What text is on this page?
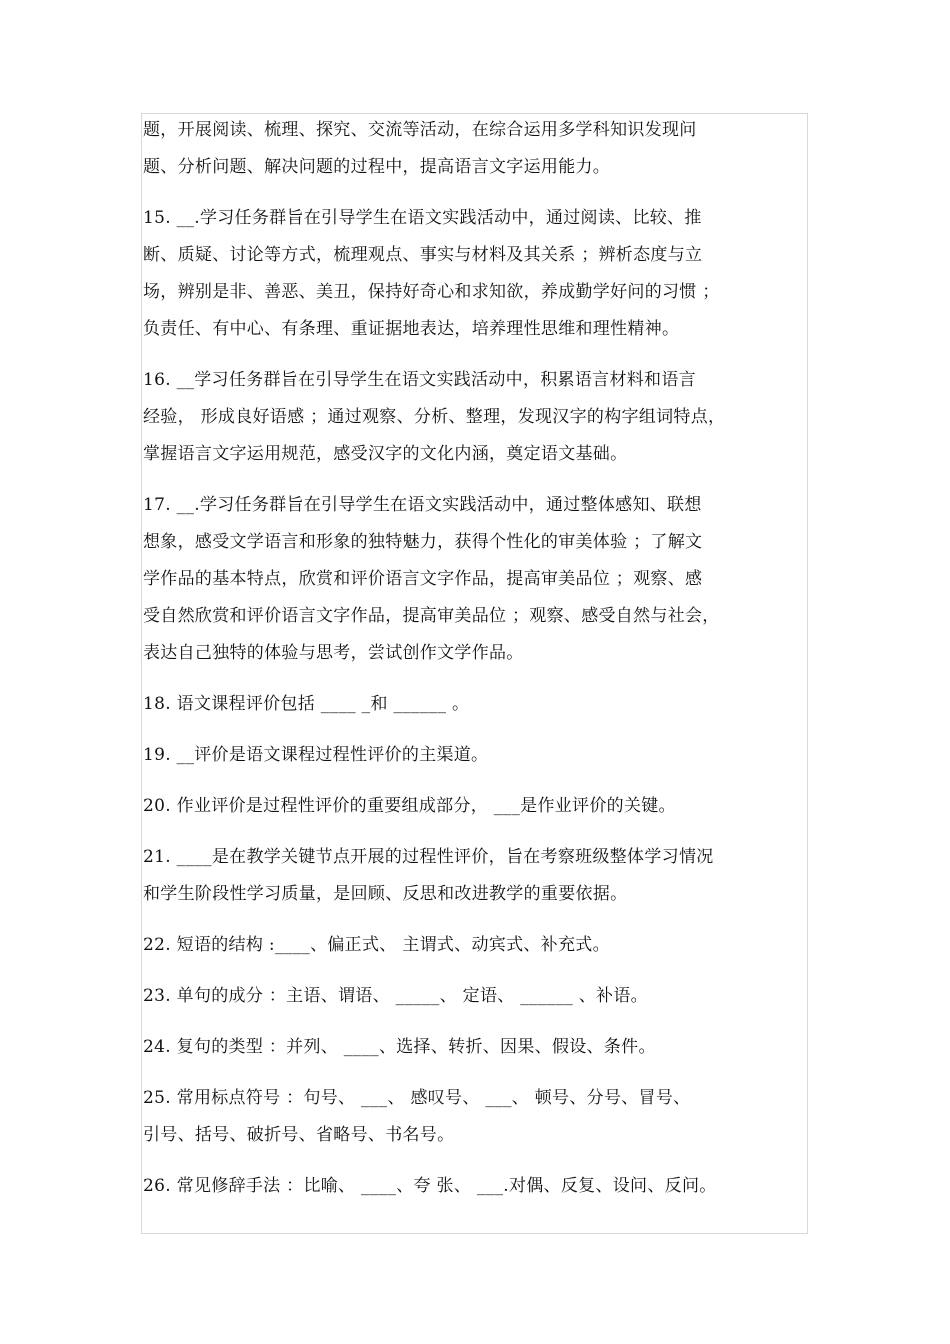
题，开展阅读、梳理、探究、交流等活动，在综合运用多学科知识发现问
题、分析问题、解决问题的过程中，提高语言文字运用能力。
15. __.学习任务群旨在引导学生在语文实践活动中，通过阅读、比较、推
断、质疑、讨论等方式，梳理观点、事实与材料及其关系 ；辨析态度与立
场，辨别是非、善恶、美丑，保持好奇心和求知欲，养成勤学好问的习惯 ；
负责任、有中心、有条理、重证据地表达，培养理性思维和理性精神。
16. __学习任务群旨在引导学生在语文实践活动中，积累语言材料和语言
经验， 形成良好语感 ；通过观察、分析、整理，发现汉字的构字组词特点，
掌握语言文字运用规范，感受汉字的文化内涵，奠定语文基础。
17. __.学习任务群旨在引导学生在语文实践活动中，通过整体感知、联想
想象，感受文学语言和形象的独特魅力，获得个性化的审美体验 ；了解文
学作品的基本特点，欣赏和评价语言文字作品，提高审美品位 ；观察、感
受自然欣赏和评价语言文字作品，提高审美品位 ；观察、感受自然与社会，
表达自己独特的体验与思考，尝试创作文学作品。
18. 语文课程评价包括 ____ _和 ______ 。
19. __评价是语文课程过程性评价的主渠道。
20. 作业评价是过程性评价的重要组成部分， ___是作业评价的关键。
21. ____是在教学关键节点开展的过程性评价，旨在考察班级整体学习情况
和学生阶段性学习质量，是回顾、反思和改进教学的重要依据。
22. 短语的结构 :____、偏正式、 主谓式、动宾式、补充式。
23. 单句的成分 ：主语、谓语、 _____、 定语、 ______ 、补语。
24. 复句的类型 ：并列、 ____、选择、转折、因果、假设、条件。
25. 常用标点符号 ：句号、 ___、 感叹号、 ___、 顿号、分号、冒号、
引号、括号、破折号、省略号、书名号。
26. 常见修辞手法 ：比喻、 ____、夸 张、 ___.对偶、反复、设问、反问。
